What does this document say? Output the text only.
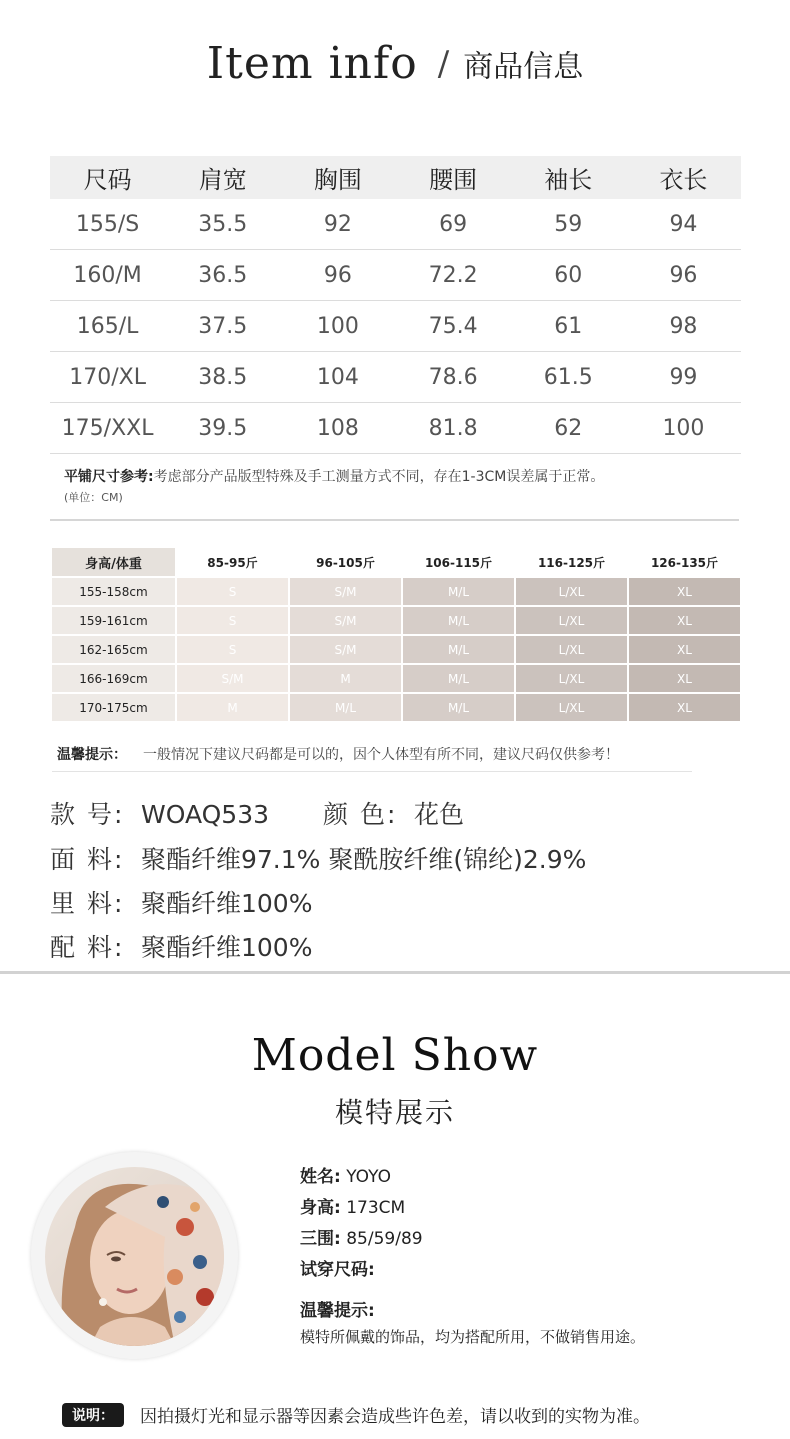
Item info / 商品信息
尺码	肩宽	胸围	腰围	袖长	衣长
155/S	35.5	92	69	59	94
160/M	36.5	96	72.2	60	96
165/L	37.5	100	75.4	61	98
170/XL	38.5	104	78.6	61.5	99
175/XXL	39.5	108	81.8	62	100
平铺尺寸参考:考虑部分产品版型特殊及手工测量方式不同，存在1-3CM误差属于正常。
(单位：CM)
身高/体重	85-95斤	96-105斤	106-115斤	116-125斤	126-135斤
155-158cm	S	S/M	M/L	L/XL	XL
159-161cm	S	S/M	M/L	L/XL	XL
162-165cm	S	S/M	M/L	L/XL	XL
166-169cm	S/M	M	M/L	L/XL	XL
170-175cm	M	M/L	M/L	L/XL	XL
温馨提示： 一般情况下建议尺码都是可以的，因个人体型有所不同，建议尺码仅供参考！
款 号: WOAQ533 颜 色: 花色
面 料: 聚酯纤维97.1% 聚酰胺纤维(锦纶)2.9%
里 料: 聚酯纤维100%
配 料: 聚酯纤维100%
Model Show
模特展示
姓名: YOYO
身高: 173CM
三围: 85/59/89
试穿尺码:
温馨提示:
模特所佩戴的饰品，均为搭配所用，不做销售用途。
说明：	因拍摄灯光和显示器等因素会造成些许色差，请以收到的实物为准。
